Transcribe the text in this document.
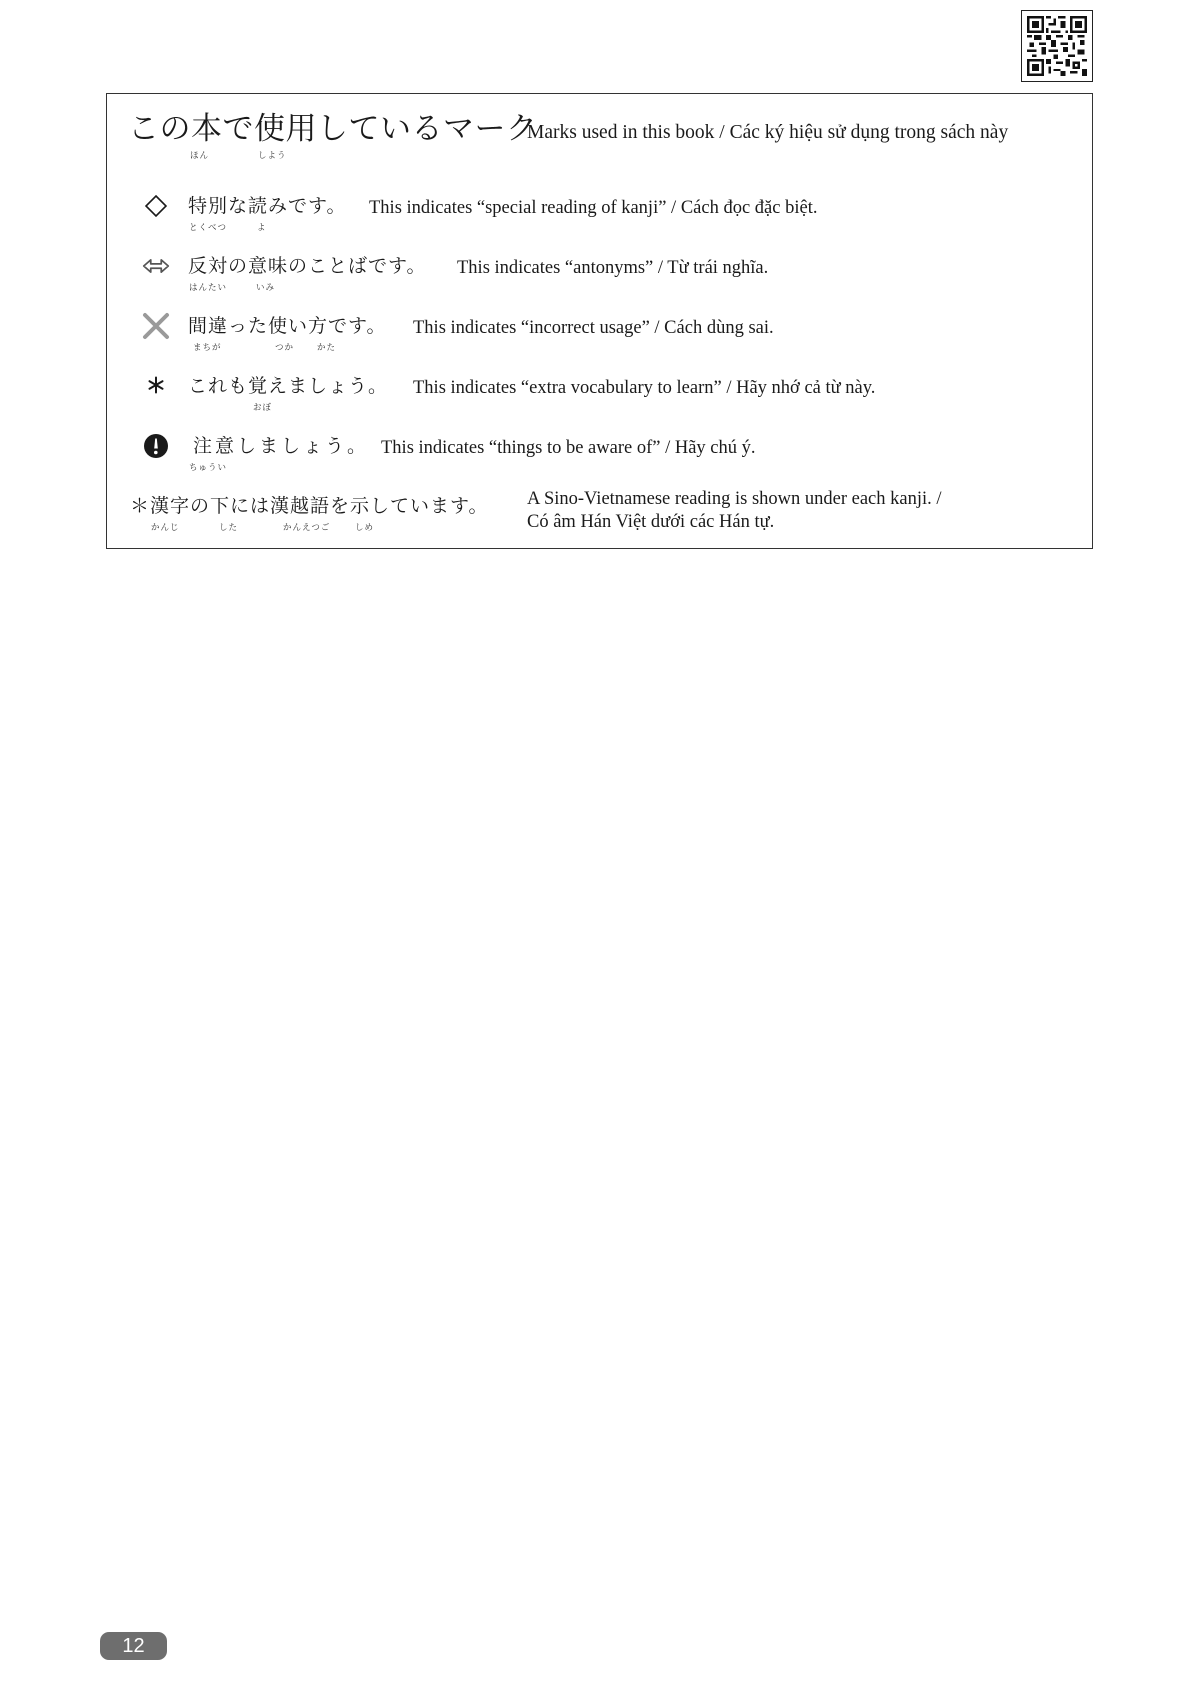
この本で使用しているマーク
ほん	しよう
Marks used in this book / Các ký hiệu sử dụng trong sách này
特別な読みです。
とくべつ	よ
This indicates “special reading of kanji” / Cách đọc đặc biệt.
反対の意味のことばです。
はんたい	いみ
This indicates “antonyms” / Từ trái nghĩa.
間違った使い方です。
まちが	つか	かた
This indicates “incorrect usage” / Cách dùng sai.
これも覚えましょう。
おぼ
This indicates “extra vocabulary to learn” / Hãy nhớ cả từ này.
注意しましょう。
ちゅうい
This indicates “things to be aware of” / Hãy chú ý.
＊ 漢字の下には漢越語を示しています。
かんじ	した	かんえつご	しめ
A Sino-Vietnamese reading is shown under each kanji. /
Có âm Hán Việt dưới các Hán tự.
12
